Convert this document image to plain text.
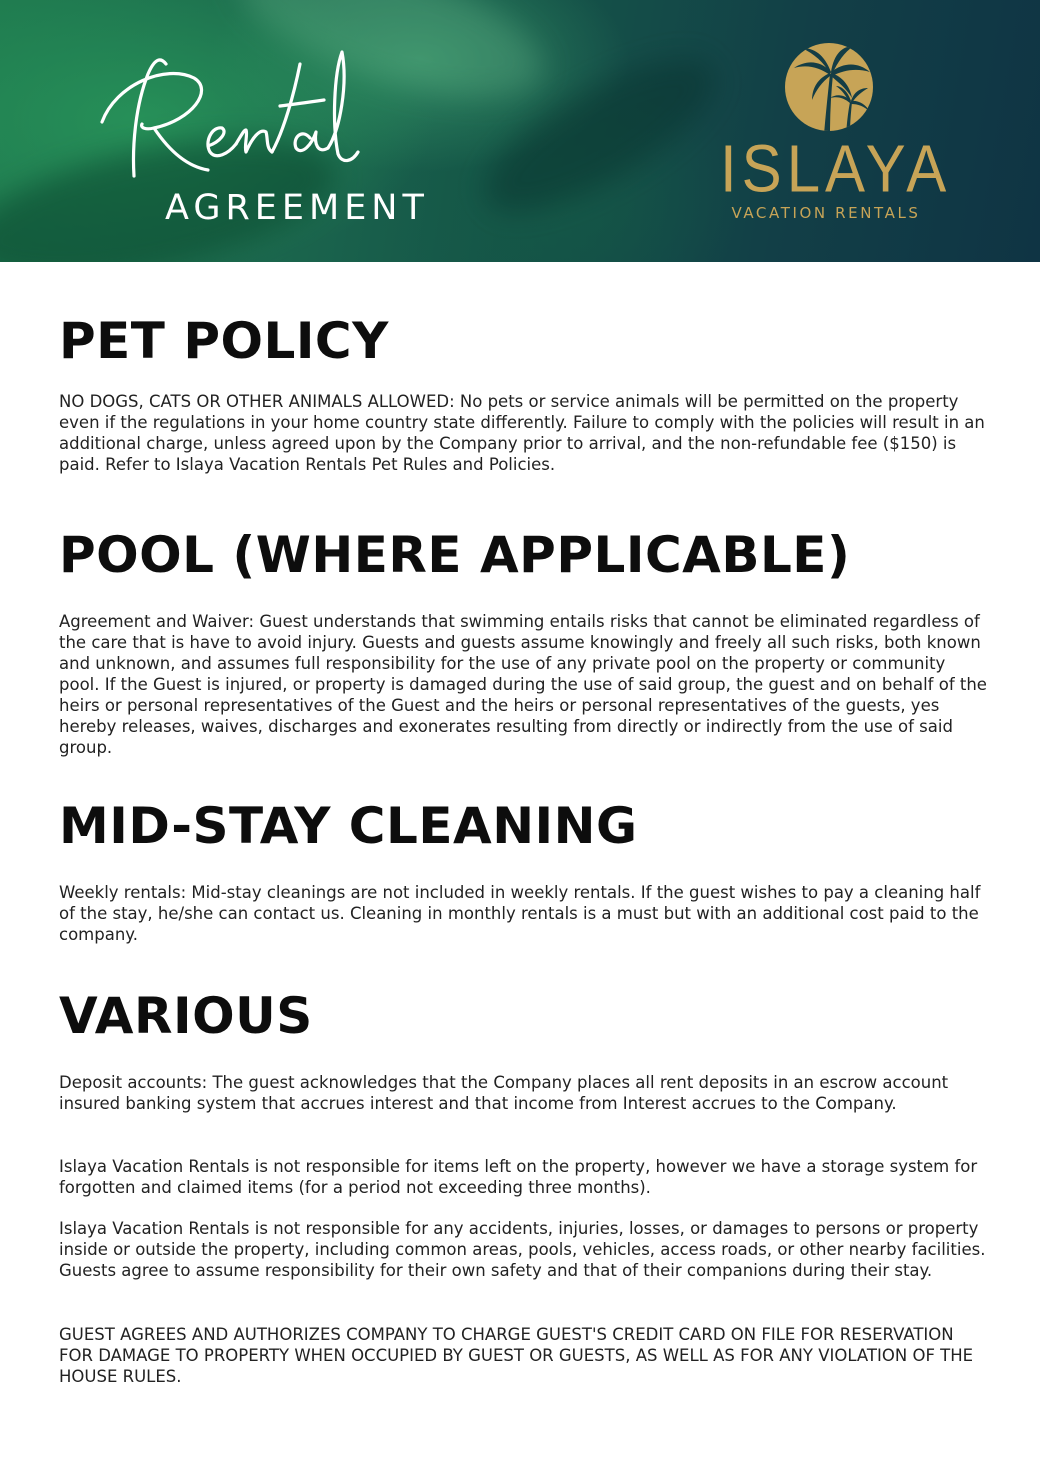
AGREEMENT
ISLAYA
VACATION RENTALS
PET POLICY

NO DOGS, CATS OR OTHER ANIMALS ALLOWED: No pets or service animals will be permitted on the property even if the regulations in your home country state differently. Failure to comply with the policies will result in an additional charge, unless agreed upon by the Company prior to arrival, and the non-refundable fee ($150) is paid. Refer to Islaya Vacation Rentals Pet Rules and Policies.

POOL (WHERE APPLICABLE)

Agreement and Waiver: Guest understands that swimming entails risks that cannot be eliminated regardless of the care that is have to avoid injury. Guests and guests assume knowingly and freely all such risks, both known and unknown, and assumes full responsibility for the use of any private pool on the property or community pool. If the Guest is injured, or property is damaged during the use of said group, the guest and on behalf of the heirs or personal representatives of the Guest and the heirs or personal representatives of the guests, yes hereby releases, waives, discharges and exonerates resulting from directly or indirectly from the use of said group.

MID-STAY CLEANING

Weekly rentals: Mid-stay cleanings are not included in weekly rentals. If the guest wishes to pay a cleaning half of the stay, he/she can contact us. Cleaning in monthly rentals is a must but with an additional cost paid to the company.

VARIOUS

Deposit accounts: The guest acknowledges that the Company places all rent deposits in an escrow account insured banking system that accrues interest and that income from Interest accrues to the Company.

Islaya Vacation Rentals is not responsible for items left on the property, however we have a storage system for forgotten and claimed items (for a period not exceeding three months).

Islaya Vacation Rentals is not responsible for any accidents, injuries, losses, or damages to persons or property inside or outside the property, including common areas, pools, vehicles, access roads, or other nearby facilities. Guests agree to assume responsibility for their own safety and that of their companions during their stay.

GUEST AGREES AND AUTHORIZES COMPANY TO CHARGE GUEST'S CREDIT CARD ON FILE FOR RESERVATION FOR DAMAGE TO PROPERTY WHEN OCCUPIED BY GUEST OR GUESTS, AS WELL AS FOR ANY VIOLATION OF THE HOUSE RULES.
